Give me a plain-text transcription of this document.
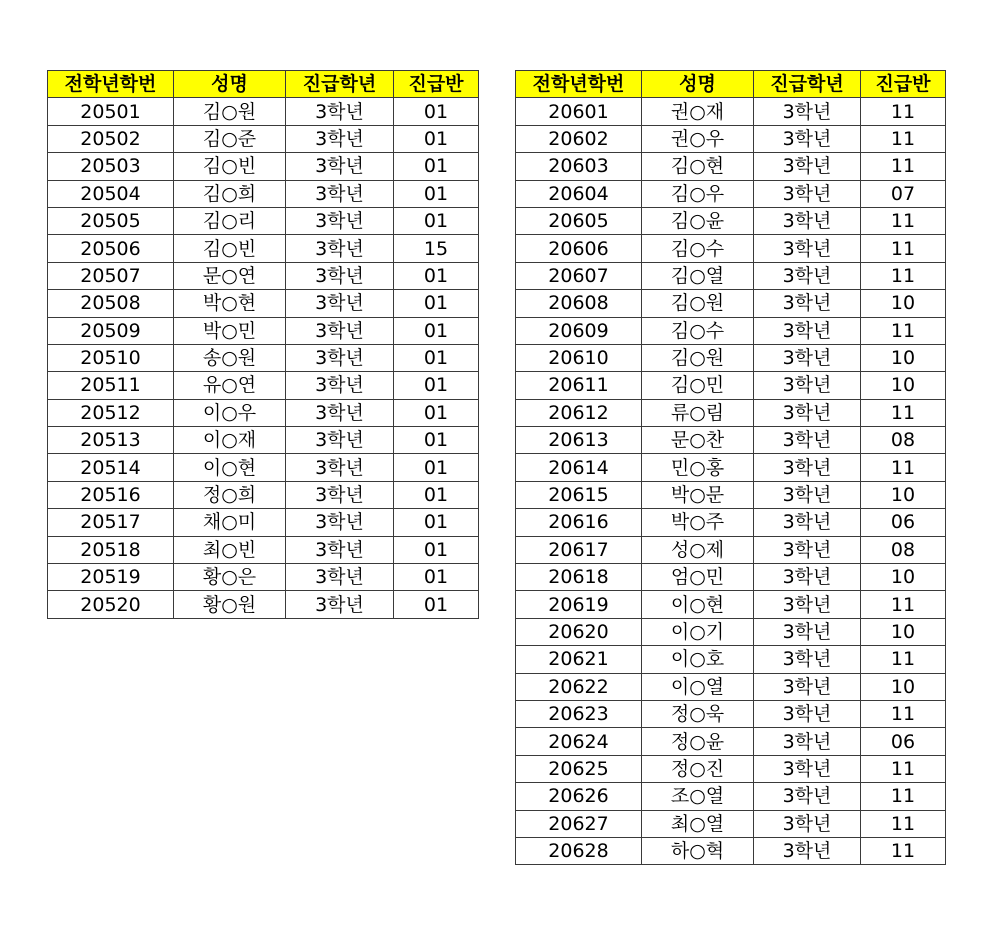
전학년학번	성명	진급학년	진급반
20501	김○원	3학년	01
20502	김○준	3학년	01
20503	김○빈	3학년	01
20504	김○희	3학년	01
20505	김○리	3학년	01
20506	김○빈	3학년	15
20507	문○연	3학년	01
20508	박○현	3학년	01
20509	박○민	3학년	01
20510	송○원	3학년	01
20511	유○연	3학년	01
20512	이○우	3학년	01
20513	이○재	3학년	01
20514	이○현	3학년	01
20516	정○희	3학년	01
20517	채○미	3학년	01
20518	최○빈	3학년	01
20519	황○은	3학년	01
20520	황○원	3학년	01
전학년학번	성명	진급학년	진급반
20601	권○재	3학년	11
20602	권○우	3학년	11
20603	김○현	3학년	11
20604	김○우	3학년	07
20605	김○윤	3학년	11
20606	김○수	3학년	11
20607	김○열	3학년	11
20608	김○원	3학년	10
20609	김○수	3학년	11
20610	김○원	3학년	10
20611	김○민	3학년	10
20612	류○림	3학년	11
20613	문○찬	3학년	08
20614	민○홍	3학년	11
20615	박○문	3학년	10
20616	박○주	3학년	06
20617	성○제	3학년	08
20618	엄○민	3학년	10
20619	이○현	3학년	11
20620	이○기	3학년	10
20621	이○호	3학년	11
20622	이○열	3학년	10
20623	정○욱	3학년	11
20624	정○윤	3학년	06
20625	정○진	3학년	11
20626	조○열	3학년	11
20627	최○열	3학년	11
20628	하○혁	3학년	11
